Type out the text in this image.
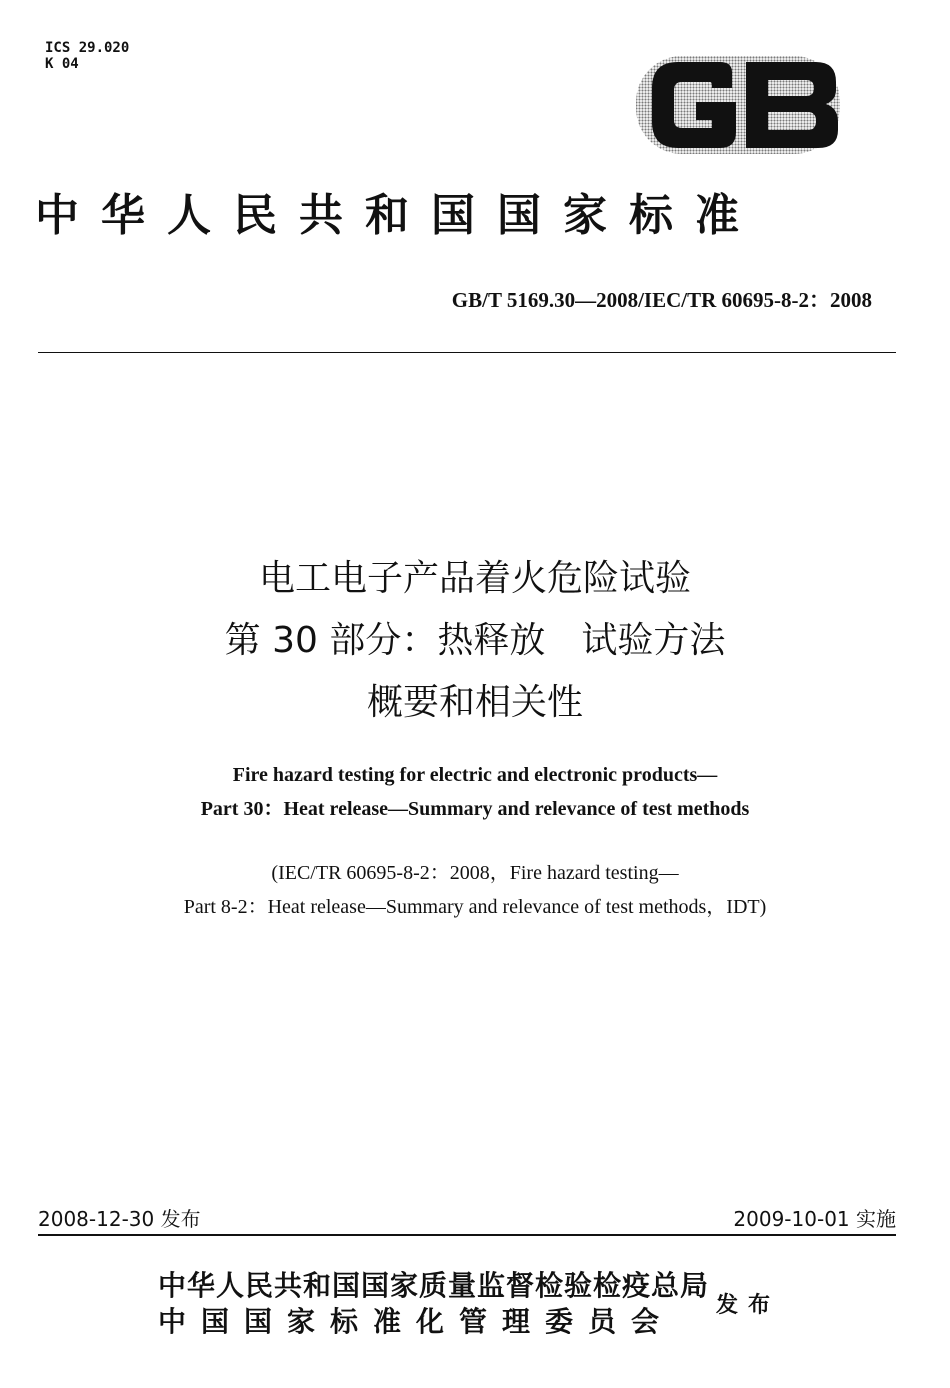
ICS 29.020
K 04
中华人民共和国国家标准
GB/T 5169.30—2008/IEC/TR 60695-8-2：2008
电工电子产品着火危险试验
第 30 部分：热释放　试验方法
概要和相关性
Fire hazard testing for electric and electronic products—
Part 30：Heat release—Summary and relevance of test methods
(IEC/TR 60695-8-2：2008，Fire hazard testing—
Part 8-2：Heat release—Summary and relevance of test methods，IDT)
2008-12-30 发布	2009-10-01 实施
中华人民共和国国家质量监督检验检疫总局
中国国家标准化管理委员会	发布
